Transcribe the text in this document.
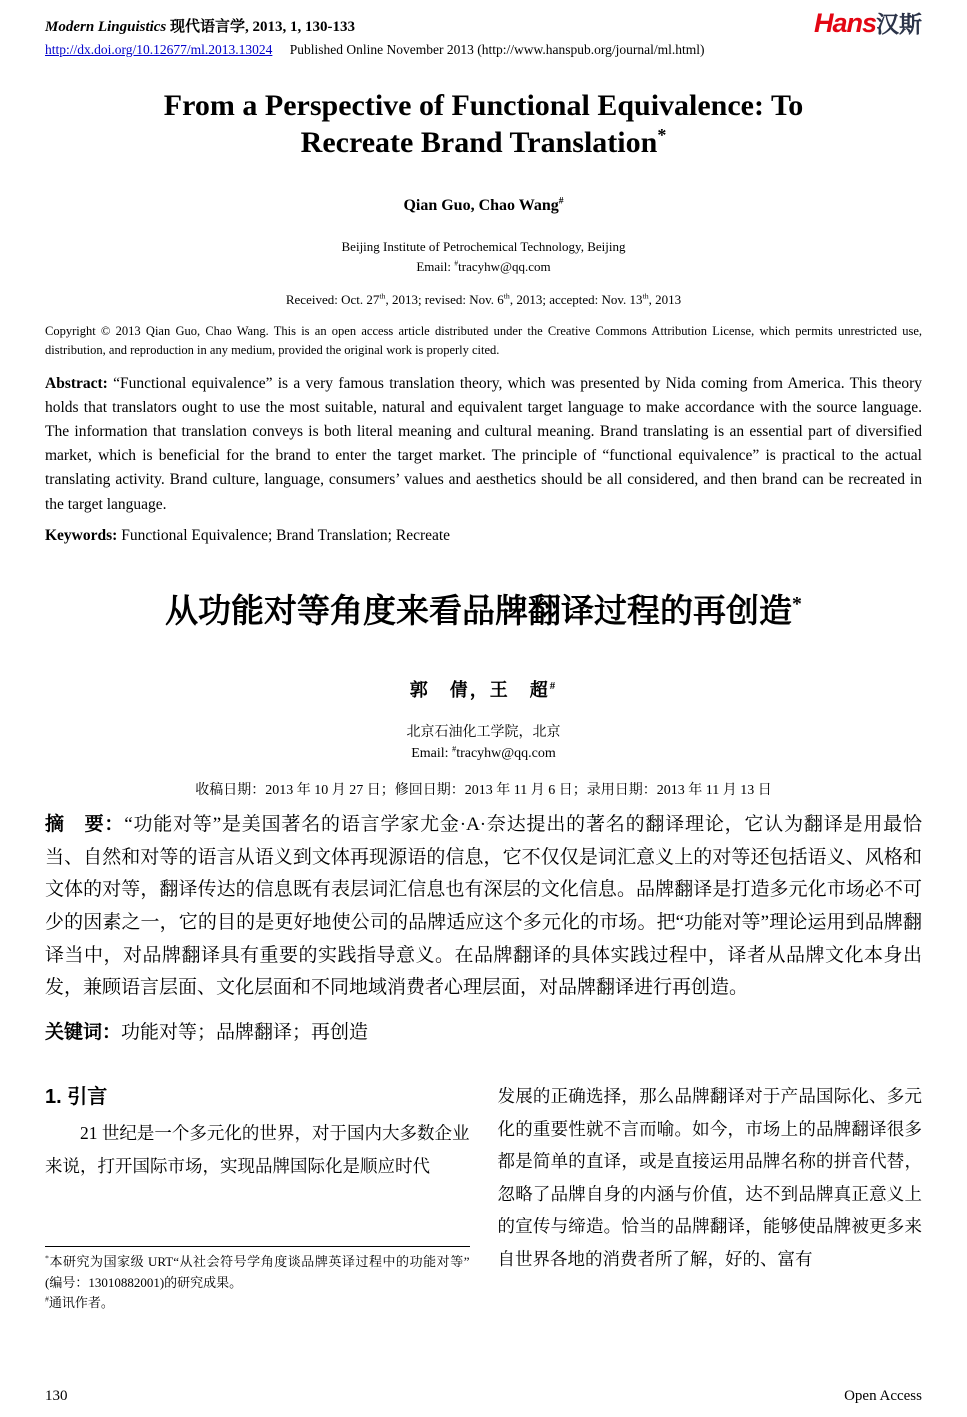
Modern Linguistics 现代语言学, 2013, 1, 130-133	Hans汉斯
http://dx.doi.org/10.12677/ml.2013.13024 Published Online November 2013 (http://www.hanspub.org/journal/ml.html)
From a Perspective of Functional Equivalence: To
Recreate Brand Translation*
Qian Guo, Chao Wang#
Beijing Institute of Petrochemical Technology, Beijing
Email: #tracyhw@qq.com
Received: Oct. 27th, 2013; revised: Nov. 6th, 2013; accepted: Nov. 13th, 2013

Copyright © 2013 Qian Guo, Chao Wang. This is an open access article distributed under the Creative Commons Attribution License, which permits unrestricted use, distribution, and reproduction in any medium, provided the original work is properly cited.

Abstract: “Functional equivalence” is a very famous translation theory, which was presented by Nida coming from America. This theory holds that translators ought to use the most suitable, natural and equivalent target language to make accordance with the source language. The information that translation conveys is both literal meaning and cultural meaning. Brand translating is an essential part of diversified market, which is beneficial for the brand to enter the target market. The principle of “functional equivalence” is practical to the actual translating activity. Brand culture, language, consumers’ values and aesthetics should be all considered, and then brand can be recreated in the target language.

Keywords: Functional Equivalence; Brand Translation; Recreate

从功能对等角度来看品牌翻译过程的再创造*
郭　倩，王　超#
北京石油化工学院，北京
Email: #tracyhw@qq.com
收稿日期：2013 年 10 月 27 日；修回日期：2013 年 11 月 6 日；录用日期：2013 年 11 月 13 日

摘　要：“功能对等”是美国著名的语言学家尤金·A·奈达提出的著名的翻译理论，它认为翻译是用最恰当、自然和对等的语言从语义到文体再现源语的信息，它不仅仅是词汇意义上的对等还包括语义、风格和文体的对等，翻译传达的信息既有表层词汇信息也有深层的文化信息。品牌翻译是打造多元化市场必不可少的因素之一，它的目的是更好地使公司的品牌适应这个多元化的市场。把“功能对等”理论运用到品牌翻译当中，对品牌翻译具有重要的实践指导意义。在品牌翻译的具体实践过程中，译者从品牌文化本身出发，兼顾语言层面、文化层面和不同地域消费者心理层面，对品牌翻译进行再创造。

关键词：功能对等；品牌翻译；再创造

1. 引言

21 世纪是一个多元化的世界，对于国内大多数企业来说，打开国际市场，实现品牌国际化是顺应时代

*本研究为国家级 URT“从社会符号学角度谈品牌英译过程中的功能对等” (编号：13010882001)的研究成果。

#通讯作者。

发展的正确选择，那么品牌翻译对于产品国际化、多元化的重要性就不言而喻。如今，市场上的品牌翻译很多都是简单的直译，或是直接运用品牌名称的拼音代替，忽略了品牌自身的内涵与价值，达不到品牌真正意义上的宣传与缔造。恰当的品牌翻译，能够使品牌被更多来自世界各地的消费者所了解，好的、富有

130	Open Access
